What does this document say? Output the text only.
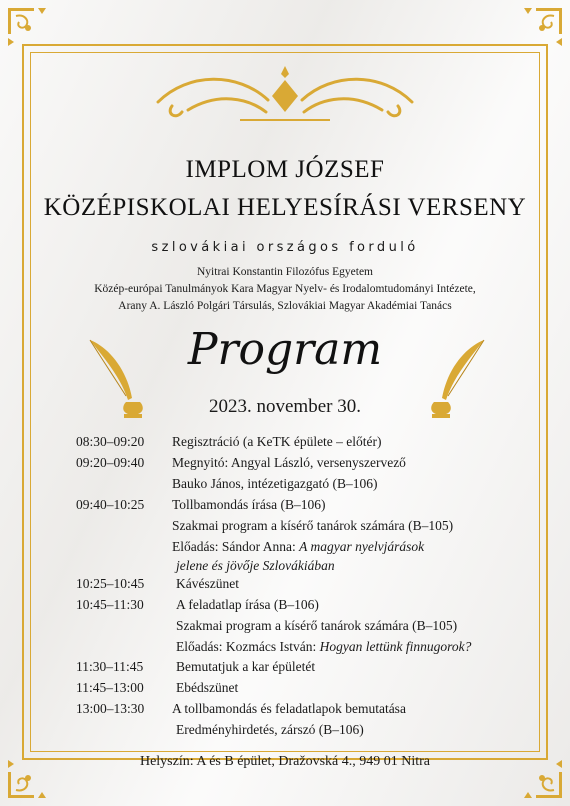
IMPLOM JÓZSEF
KÖZÉPISKOLAI HELYESÍRÁSI VERSENY
szlovákiai országos forduló
Nyitrai Konstantin Filozófus Egyetem
Közép-európai Tanulmányok Kara Magyar Nyelv- és Irodalomtudományi Intézete,
Arany A. László Polgári Társulás, Szlovákiai Magyar Akadémiai Tanács
Program
2023. november 30.
08:30–09:20 Regisztráció (a KeTK épülete – előtér)
09:20–09:40 Megnyitó: Angyal László, versenyszervező
Bauko János, intézetigazgató (B–106)
09:40–10:25 Tollbamondás írása (B–106)
Szakmai program a kísérő tanárok számára (B–105)
Előadás: Sándor Anna: A magyar nyelvjárások
jelene és jövője Szlovákiában
10:25–10:45 Kávészünet
10:45–11:30 A feladatlap írása (B–106)
Szakmai program a kísérő tanárok számára (B–105)
Előadás: Kozmács István: Hogyan lettünk finnugorok?
11:30–11:45 Bemutatjuk a kar épületét
11:45–13:00 Ebédszünet
13:00–13:30 A tollbamondás és feladatlapok bemutatása
Eredményhirdetés, zárszó (B–106)
Helyszín: A és B épület, Dražovská 4., 949 01 Nitra
